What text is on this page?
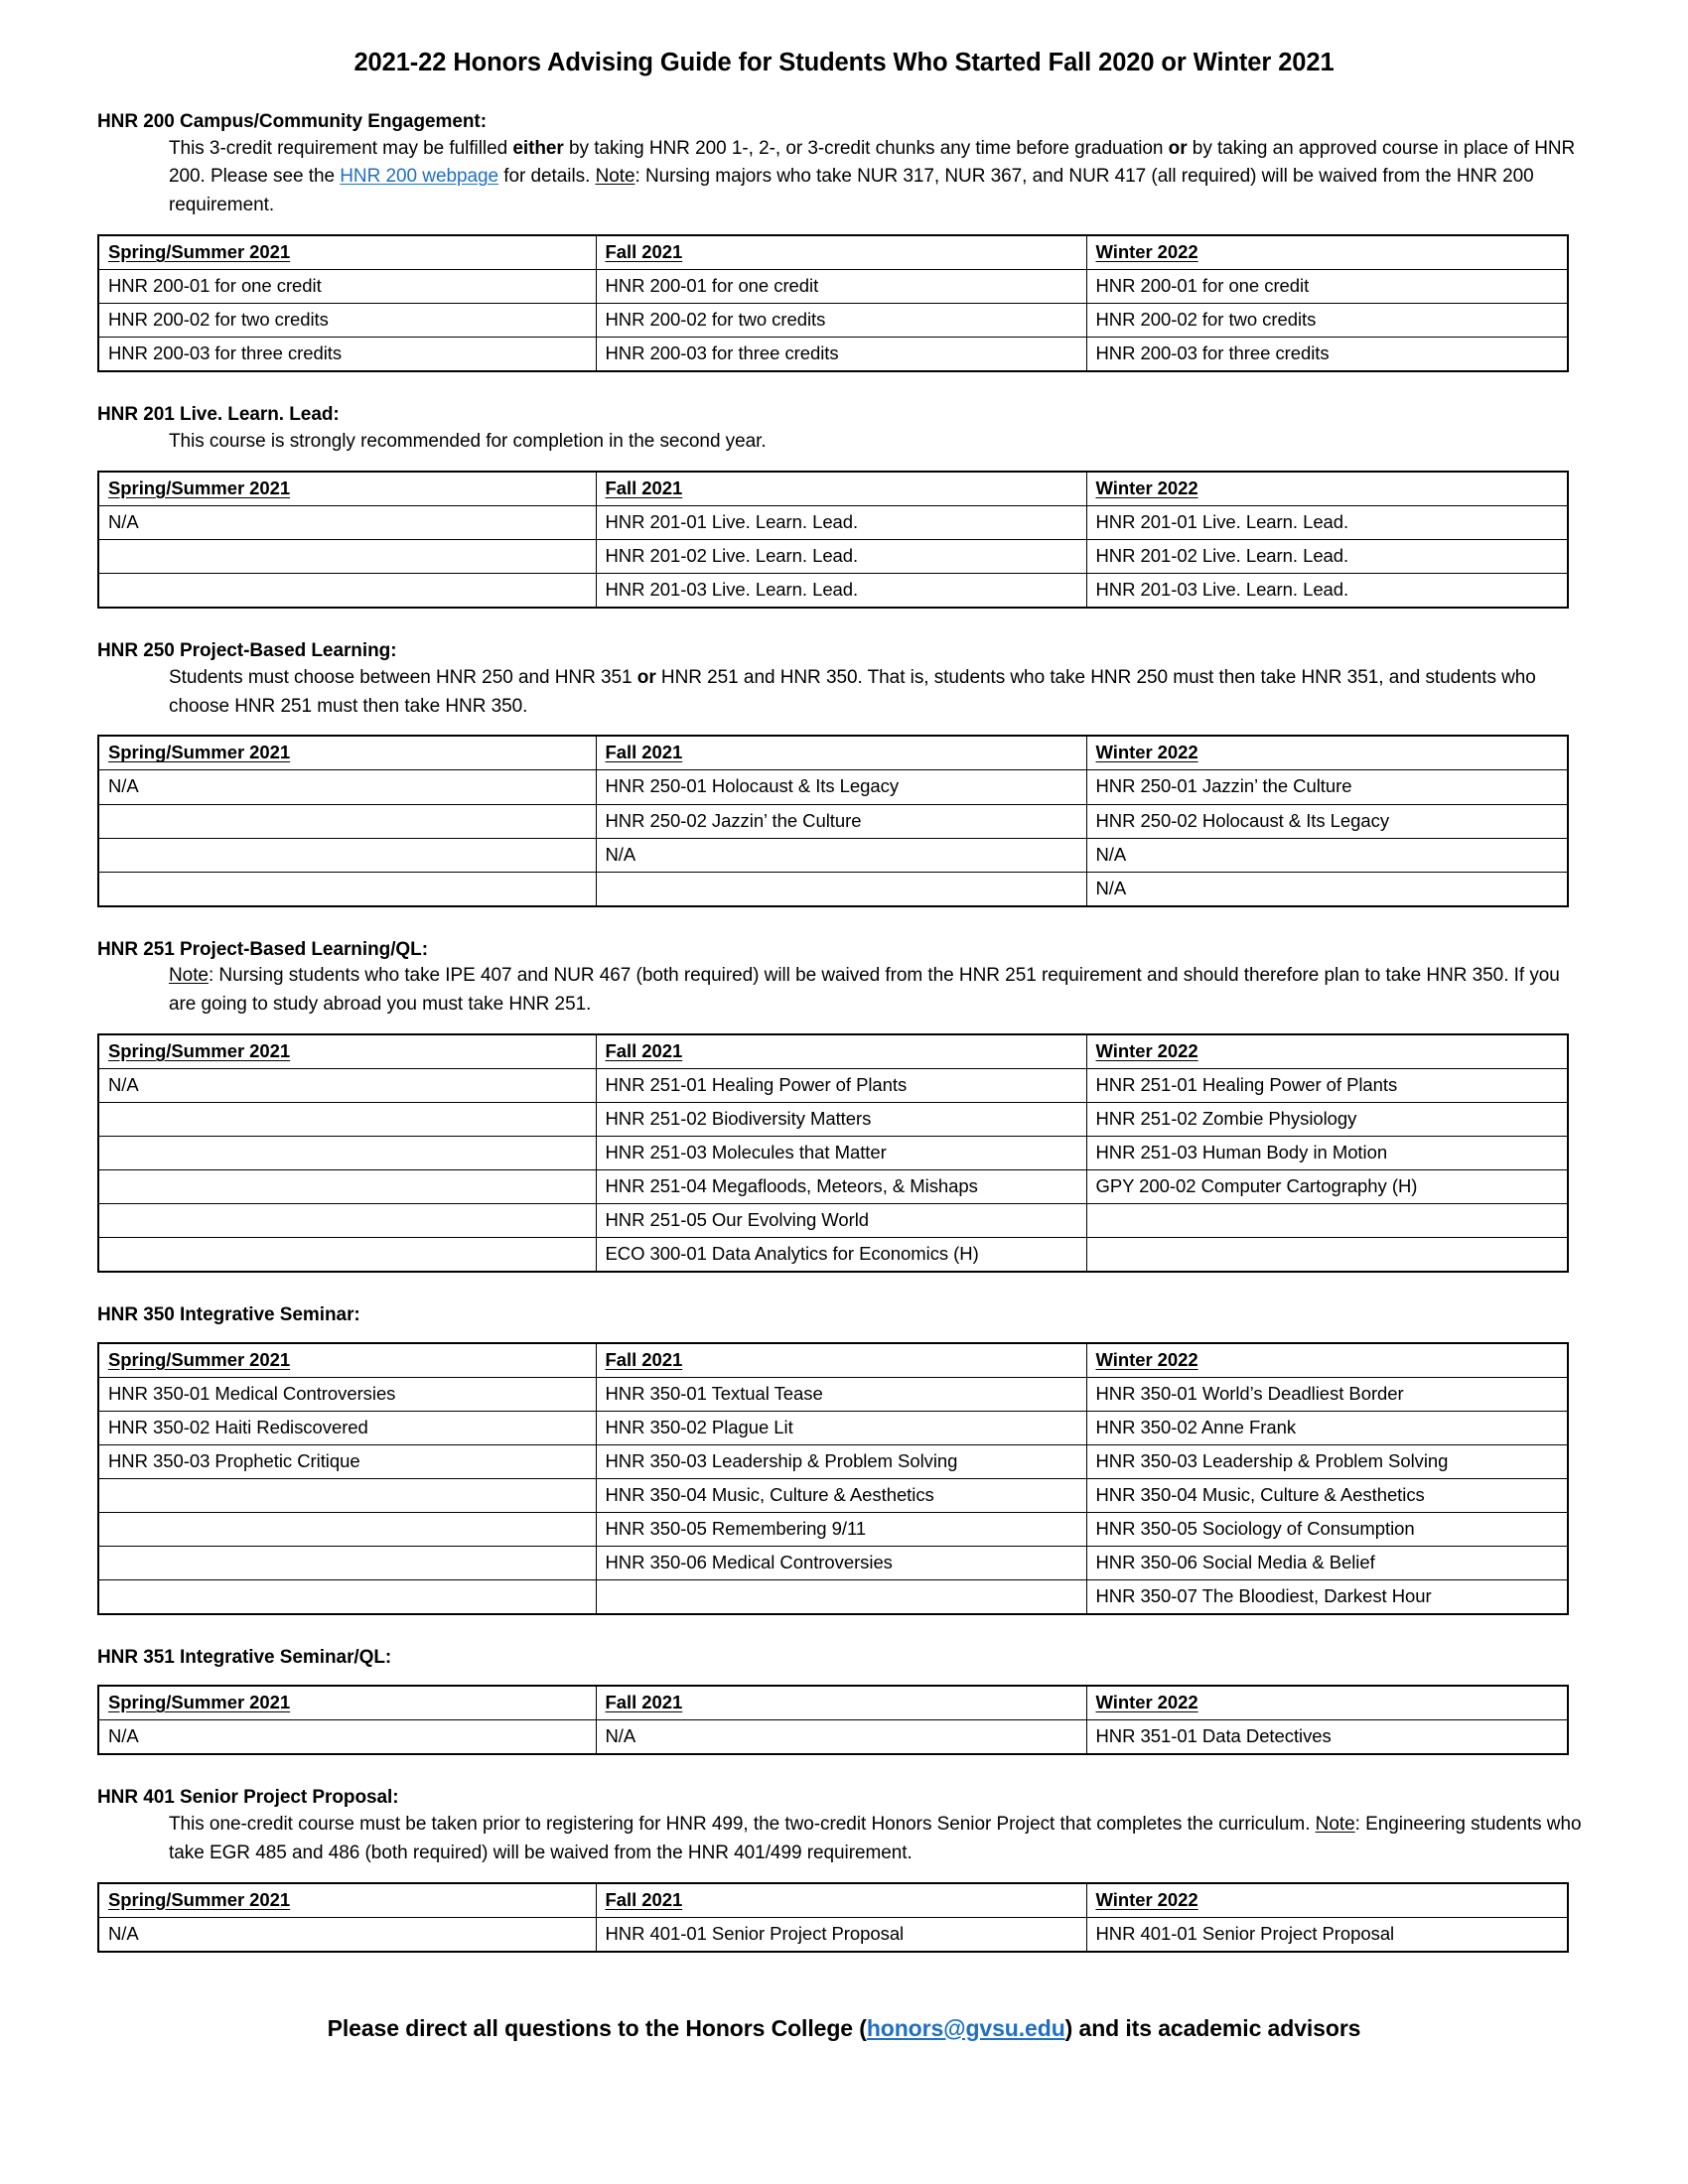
2021-22 Honors Advising Guide for Students Who Started Fall 2020 or Winter 2021
HNR 200 Campus/Community Engagement:

This 3-credit requirement may be fulfilled either by taking HNR 200 1-, 2-, or 3-credit chunks any time before graduation or by taking an approved course in place of HNR 200. Please see the HNR 200 webpage for details. Note: Nursing majors who take NUR 317, NUR 367, and NUR 417 (all required) will be waived from the HNR 200 requirement.

Spring/Summer 2021	Fall 2021	Winter 2022
HNR 200-01 for one credit	HNR 200-01 for one credit	HNR 200-01 for one credit
HNR 200-02 for two credits	HNR 200-02 for two credits	HNR 200-02 for two credits
HNR 200-03 for three credits	HNR 200-03 for three credits	HNR 200-03 for three credits
HNR 201 Live. Learn. Lead:

This course is strongly recommended for completion in the second year.

Spring/Summer 2021	Fall 2021	Winter 2022
N/A	HNR 201-01 Live. Learn. Lead.	HNR 201-01 Live. Learn. Lead.
	HNR 201-02 Live. Learn. Lead.	HNR 201-02 Live. Learn. Lead.
	HNR 201-03 Live. Learn. Lead.	HNR 201-03 Live. Learn. Lead.
HNR 250 Project-Based Learning:

Students must choose between HNR 250 and HNR 351 or HNR 251 and HNR 350. That is, students who take HNR 250 must then take HNR 351, and students who choose HNR 251 must then take HNR 350.

Spring/Summer 2021	Fall 2021	Winter 2022
N/A	HNR 250-01 Holocaust & Its Legacy	HNR 250-01 Jazzin’ the Culture
	HNR 250-02 Jazzin’ the Culture	HNR 250-02 Holocaust & Its Legacy
	N/A	N/A
		N/A
HNR 251 Project-Based Learning/QL:

Note: Nursing students who take IPE 407 and NUR 467 (both required) will be waived from the HNR 251 requirement and should therefore plan to take HNR 350. If you are going to study abroad you must take HNR 251.

Spring/Summer 2021	Fall 2021	Winter 2022
N/A	HNR 251-01 Healing Power of Plants	HNR 251-01 Healing Power of Plants
	HNR 251-02 Biodiversity Matters	HNR 251-02 Zombie Physiology
	HNR 251-03 Molecules that Matter	HNR 251-03 Human Body in Motion
	HNR 251-04 Megafloods, Meteors, & Mishaps	GPY 200-02 Computer Cartography (H)
	HNR 251-05 Our Evolving World	
	ECO 300-01 Data Analytics for Economics (H)	
HNR 350 Integrative Seminar:
Spring/Summer 2021	Fall 2021	Winter 2022
HNR 350-01 Medical Controversies	HNR 350-01 Textual Tease	HNR 350-01 World’s Deadliest Border
HNR 350-02 Haiti Rediscovered	HNR 350-02 Plague Lit	HNR 350-02 Anne Frank
HNR 350-03 Prophetic Critique	HNR 350-03 Leadership & Problem Solving	HNR 350-03 Leadership & Problem Solving
	HNR 350-04 Music, Culture & Aesthetics	HNR 350-04 Music, Culture & Aesthetics
	HNR 350-05 Remembering 9/11	HNR 350-05 Sociology of Consumption
	HNR 350-06 Medical Controversies	HNR 350-06 Social Media & Belief
		HNR 350-07 The Bloodiest, Darkest Hour
HNR 351 Integrative Seminar/QL:
Spring/Summer 2021	Fall 2021	Winter 2022
N/A	N/A	HNR 351-01 Data Detectives
HNR 401 Senior Project Proposal:

This one-credit course must be taken prior to registering for HNR 499, the two-credit Honors Senior Project that completes the curriculum. Note: Engineering students who take EGR 485 and 486 (both required) will be waived from the HNR 401/499 requirement.

Spring/Summer 2021	Fall 2021	Winter 2022
N/A	HNR 401-01 Senior Project Proposal	HNR 401-01 Senior Project Proposal

Please direct all questions to the Honors College (honors@gvsu.edu) and its academic advisors
